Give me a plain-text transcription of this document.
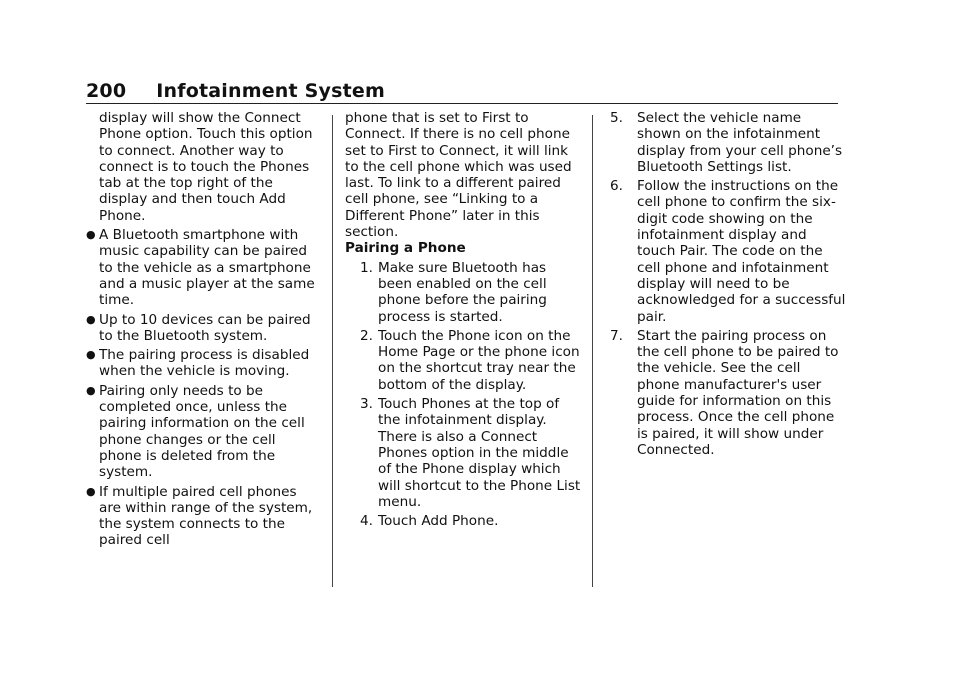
200 Infotainment System

display will show the Connect Phone option. Touch this option to connect. Another way to connect is to touch the Phones tab at the top right of the display and then touch Add Phone.

● A Bluetooth smartphone with music capability can be paired to the vehicle as a smartphone and a music player at the same time.
● Up to 10 devices can be paired to the Bluetooth system.
● The pairing process is disabled when the vehicle is moving.
● Pairing only needs to be completed once, unless the pairing information on the cell phone changes or the cell phone is deleted from the system.
● If multiple paired cell phones are within range of the system, the system connects to the paired cell

phone that is set to First to Connect. If there is no cell phone set to First to Connect, it will link to the cell phone which was used last. To link to a different paired cell phone, see “Linking to a Different Phone” later in this section.

Pairing a Phone

1. Make sure Bluetooth has been enabled on the cell phone before the pairing process is started.
2. Touch the Phone icon on the Home Page or the phone icon on the shortcut tray near the bottom of the display.
3. Touch Phones at the top of the infotainment display. There is also a Connect Phones option in the middle of the Phone display which will shortcut to the Phone List menu.
4. Touch Add Phone.
5.	Select the vehicle name shown on the infotainment display from your cell phone’s Bluetooth Settings list.
6.	Follow the instructions on the cell phone to confirm the six-digit code showing on the infotainment display and touch Pair. The code on the cell phone and infotainment display will need to be acknowledged for a successful pair.
7.	Start the pairing process on the cell phone to be paired to the vehicle. See the cell phone manufacturer's user guide for information on this process. Once the cell phone is paired, it will show under Connected.
